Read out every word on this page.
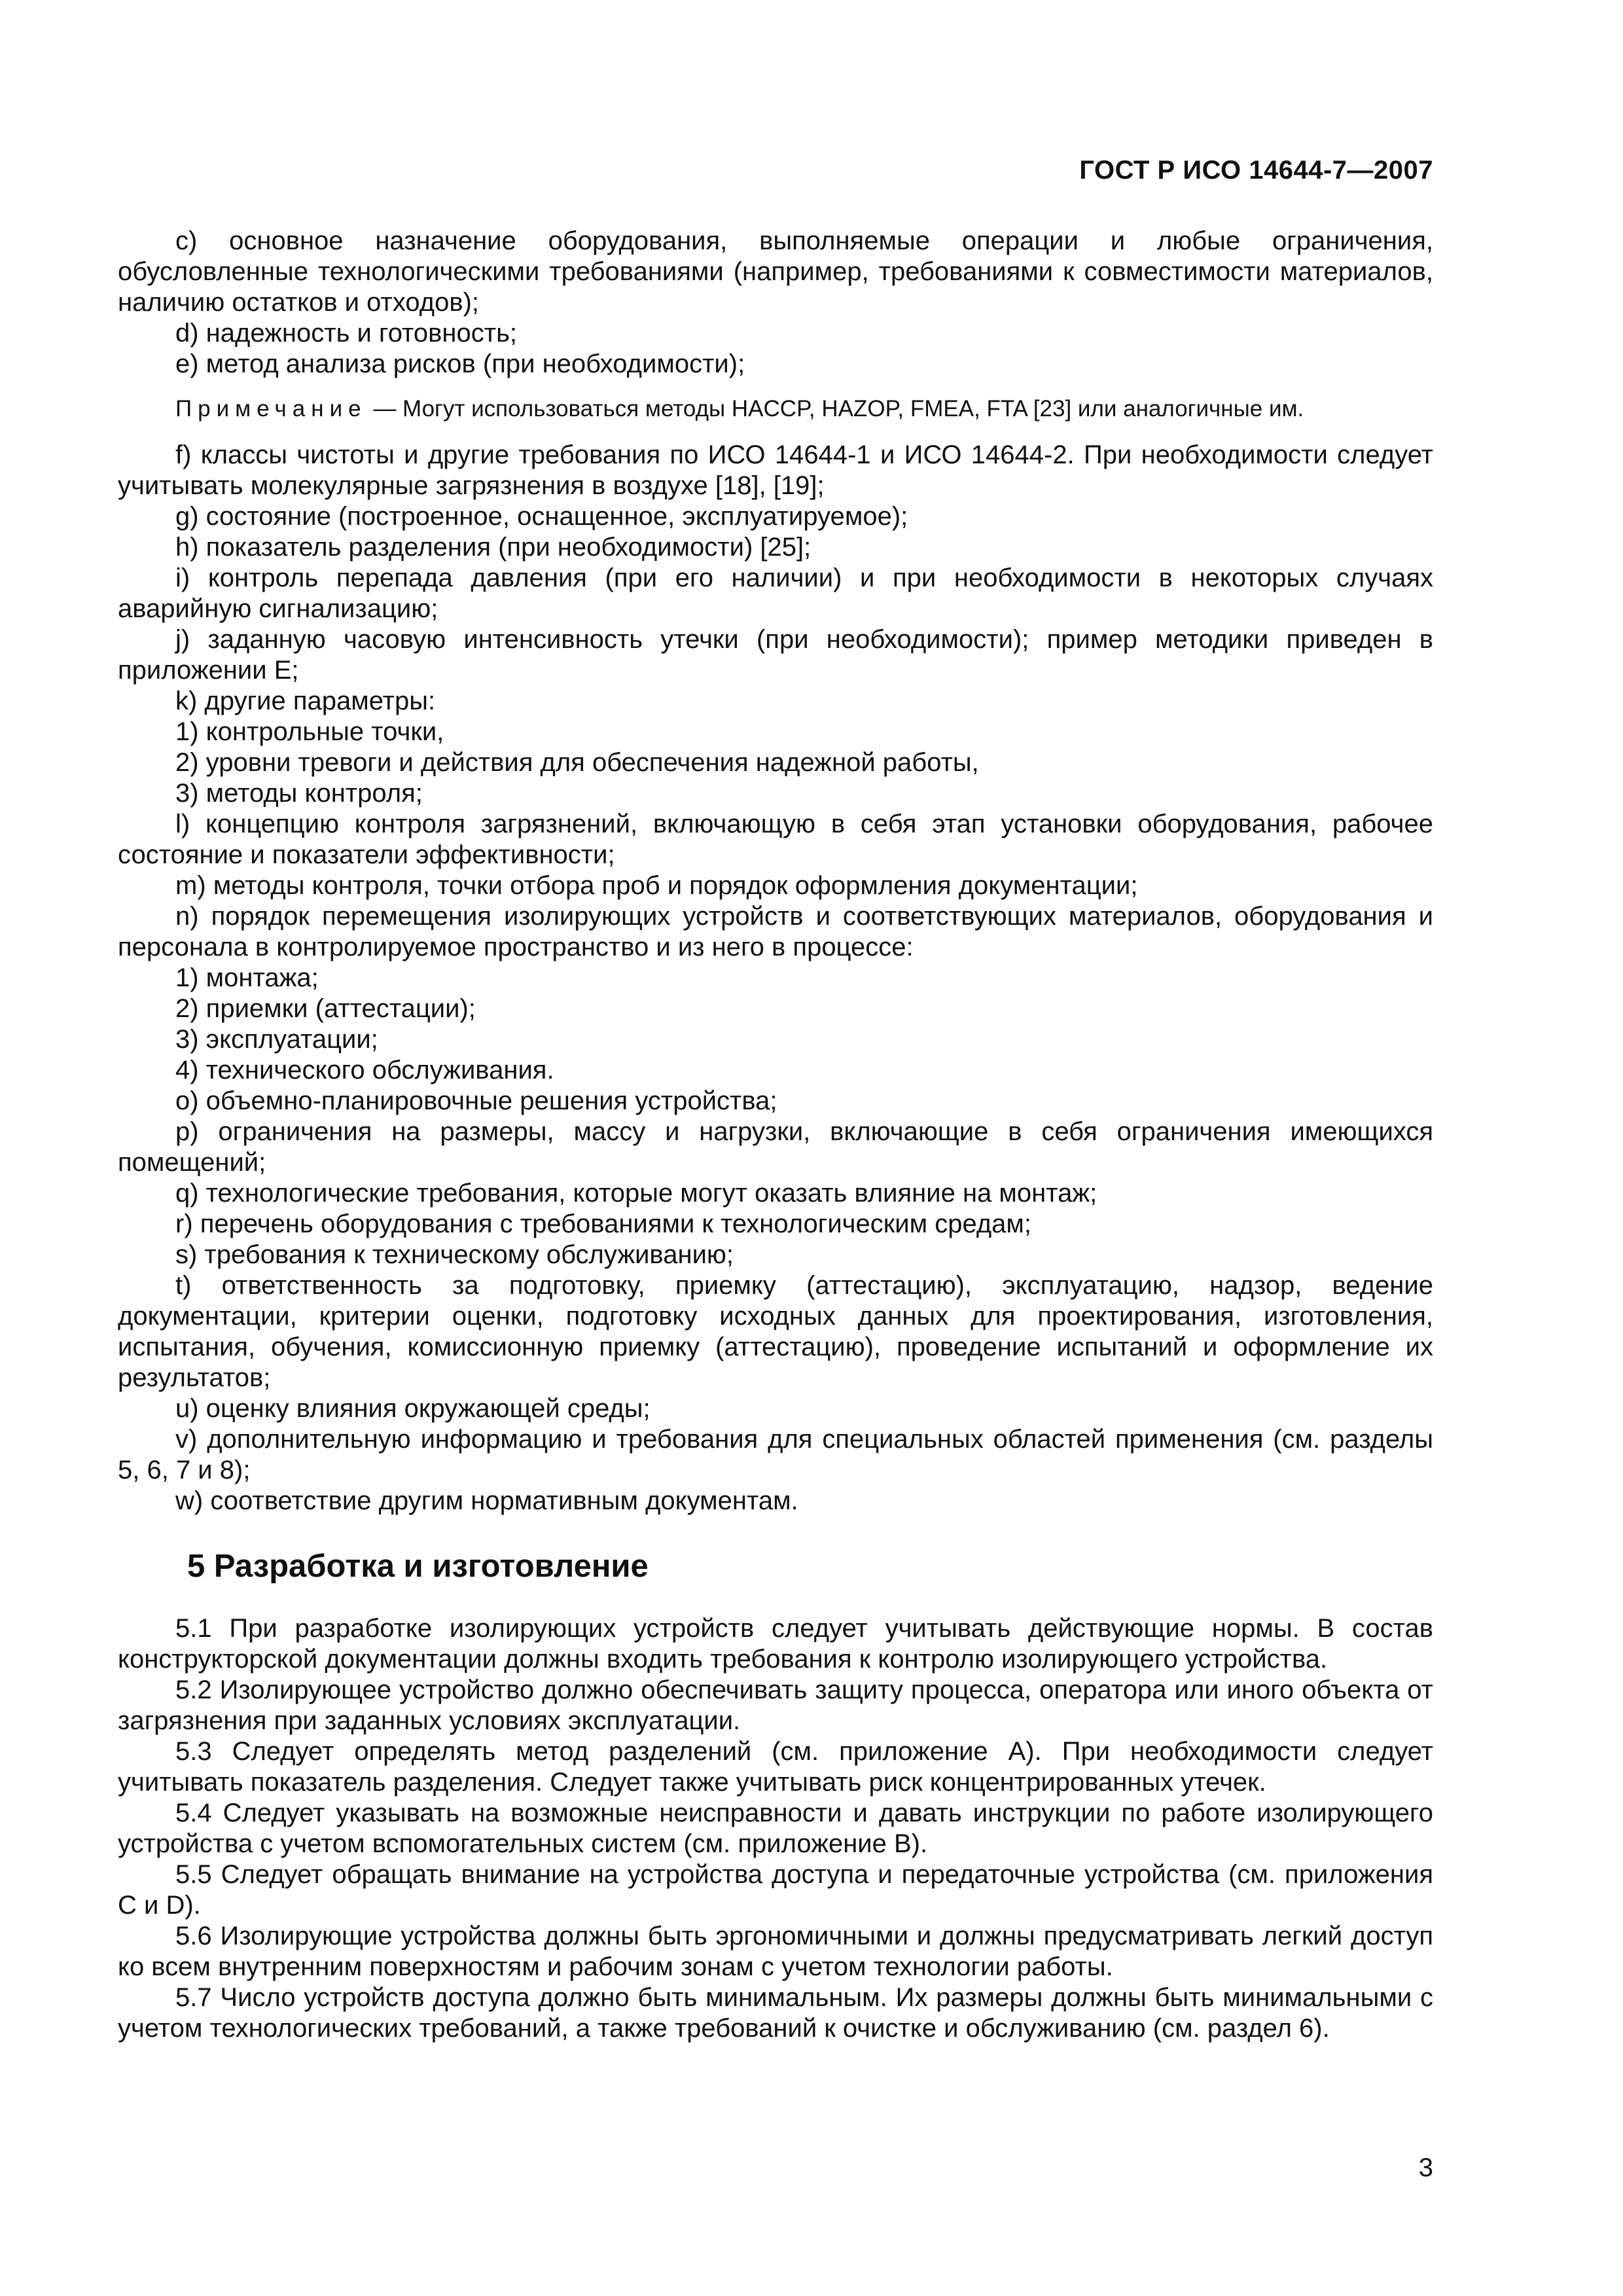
ГОСТ Р ИСО 14644-7—2007

c) основное назначение оборудования, выполняемые операции и любые ограничения, обусловленные технологическими требованиями (например, требованиями к совместимости материалов, наличию остатков и отходов);

d) надежность и готовность;

e) метод анализа рисков (при необходимости);

Примечание — Могут использоваться методы HACCP, HAZOP, FMEA, FTA [23] или аналогичные им.

f) классы чистоты и другие требования по ИСО 14644-1 и ИСО 14644-2. При необходимости следует учитывать молекулярные загрязнения в воздухе [18], [19];

g) состояние (построенное, оснащенное, эксплуатируемое);

h) показатель разделения (при необходимости) [25];

i) контроль перепада давления (при его наличии) и при необходимости в некоторых случаях аварийную сигнализацию;

j) заданную часовую интенсивность утечки (при необходимости); пример методики приведен в приложении Е;

k) другие параметры:

1) контрольные точки,

2) уровни тревоги и действия для обеспечения надежной работы,

3) методы контроля;

l) концепцию контроля загрязнений, включающую в себя этап установки оборудования, рабочее состояние и показатели эффективности;

m) методы контроля, точки отбора проб и порядок оформления документации;

n) порядок перемещения изолирующих устройств и соответствующих материалов, оборудования и персонала в контролируемое пространство и из него в процессе:

1) монтажа;

2) приемки (аттестации);

3) эксплуатации;

4) технического обслуживания.

o) объемно-планировочные решения устройства;

p) ограничения на размеры, массу и нагрузки, включающие в себя ограничения имеющихся помещений;

q) технологические требования, которые могут оказать влияние на монтаж;

r) перечень оборудования с требованиями к технологическим средам;

s) требования к техническому обслуживанию;

t) ответственность за подготовку, приемку (аттестацию), эксплуатацию, надзор, ведение документации, критерии оценки, подготовку исходных данных для проектирования, изготовления, испытания, обучения, комиссионную приемку (аттестацию), проведение испытаний и оформление их результатов;

u) оценку влияния окружающей среды;

v) дополнительную информацию и требования для специальных областей применения (см. разделы 5, 6, 7 и 8);

w) соответствие другим нормативным документам.

5 Разработка и изготовление

5.1 При разработке изолирующих устройств следует учитывать действующие нормы. В состав конструкторской документации должны входить требования к контролю изолирующего устройства.

5.2 Изолирующее устройство должно обеспечивать защиту процесса, оператора или иного объекта от загрязнения при заданных условиях эксплуатации.

5.3 Следует определять метод разделений (см. приложение А). При необходимости следует учитывать показатель разделения. Следует также учитывать риск концентрированных утечек.

5.4 Следует указывать на возможные неисправности и давать инструкции по работе изолирующего устройства с учетом вспомогательных систем (см. приложение В).

5.5 Следует обращать внимание на устройства доступа и передаточные устройства (см. приложения С и D).

5.6 Изолирующие устройства должны быть эргономичными и должны предусматривать легкий доступ ко всем внутренним поверхностям и рабочим зонам с учетом технологии работы.

5.7 Число устройств доступа должно быть минимальным. Их размеры должны быть минимальными с учетом технологических требований, а также требований к очистке и обслуживанию (см. раздел 6).

3
